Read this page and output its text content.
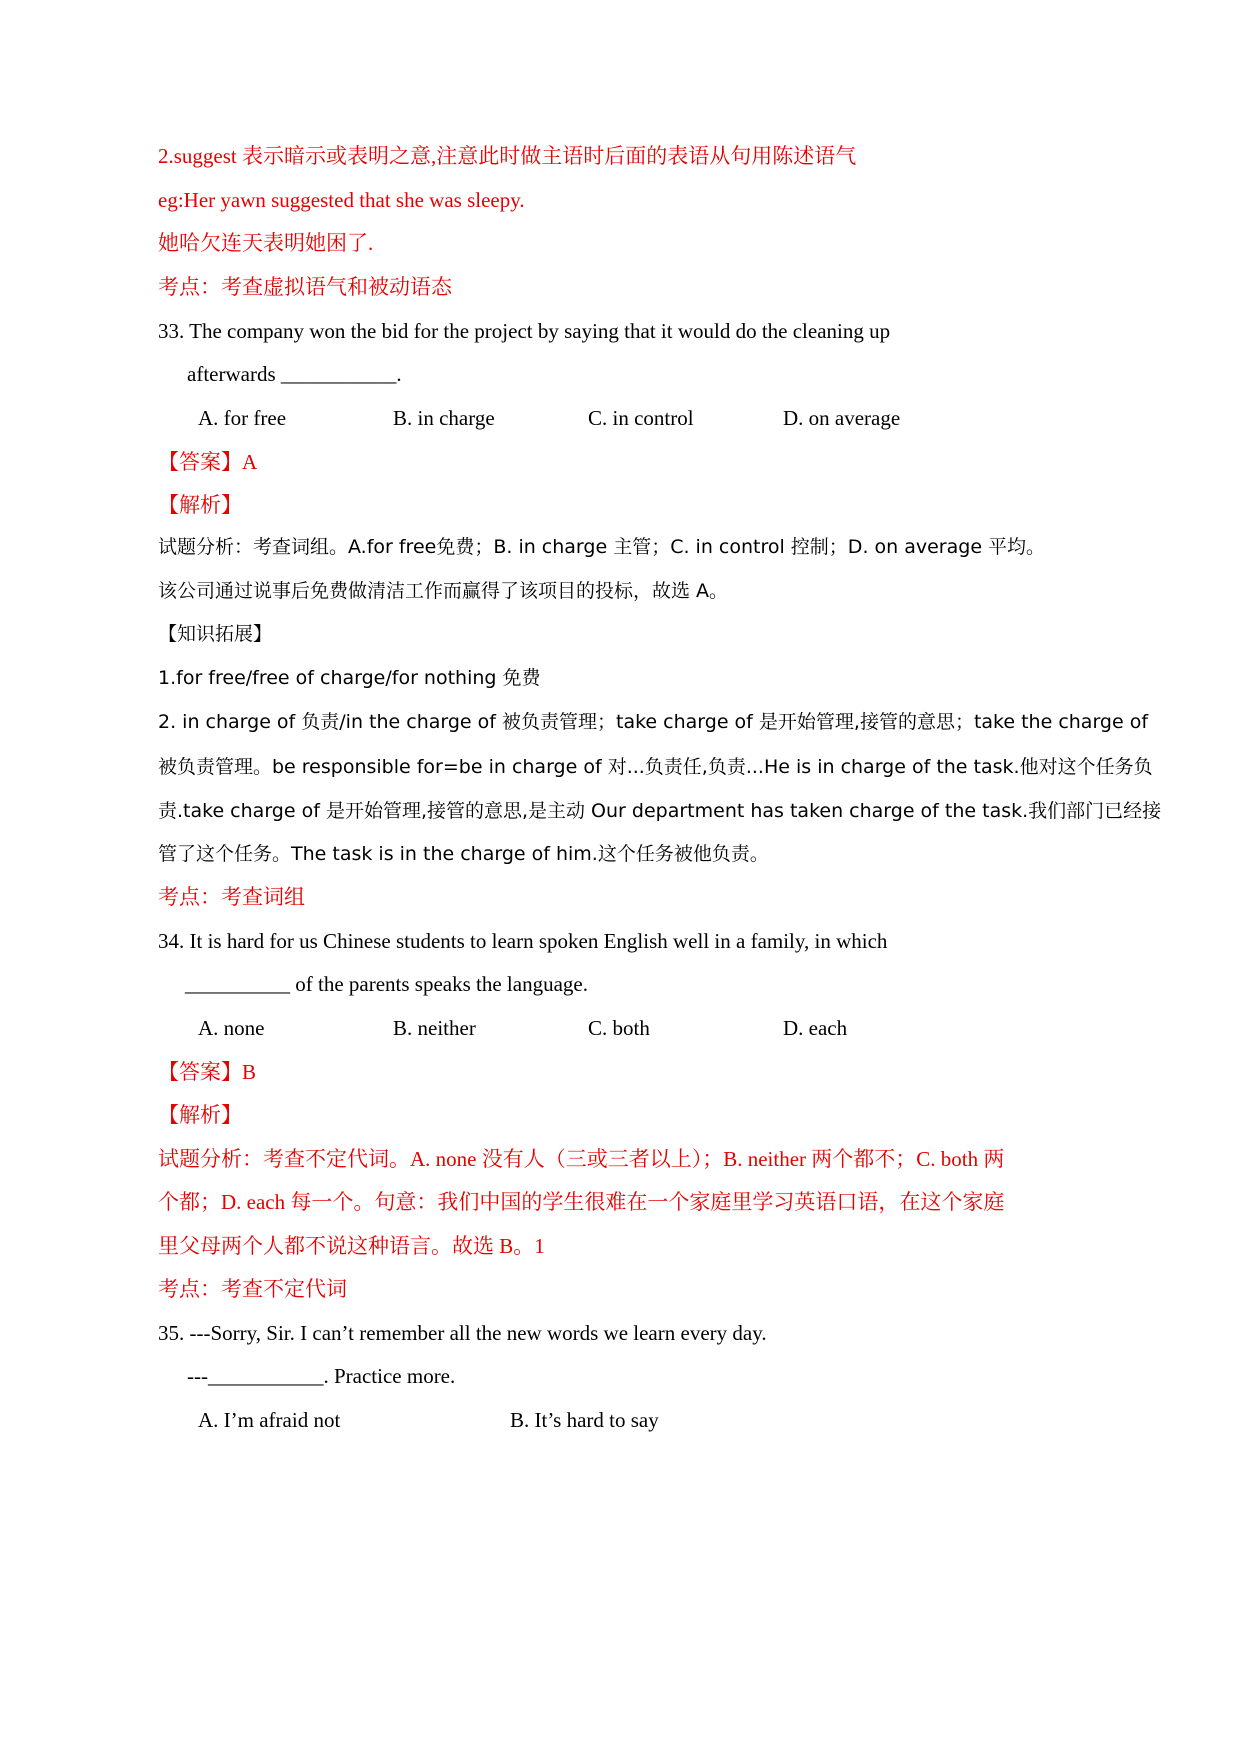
2.suggest 表示暗示或表明之意,注意此时做主语时后面的表语从句用陈述语气
eg:Her yawn suggested that she was sleepy.
她哈欠连天表明她困了.
考点：考查虚拟语气和被动语态
33. The company won the bid for the project by saying that it would do the cleaning up
afterwards ___________.
A. for free	B. in charge	C. in control	D. on average
【答案】A
【解析】
试题分析：考查词组。A.for free免费；B. in charge 主管；C. in control 控制；D. on average 平均。
该公司通过说事后免费做清洁工作而赢得了该项目的投标，故选 A。
【知识拓展】
1.for free/free of charge/for nothing 免费
2. in charge of 负责/in the charge of 被负责管理；take charge of 是开始管理,接管的意思；take the charge of
被负责管理。be responsible for=be in charge of 对...负责任,负责...He is in charge of the task.他对这个任务负
责.take charge of 是开始管理,接管的意思,是主动 Our department has taken charge of the task.我们部门已经接
管了这个任务。The task is in the charge of him.这个任务被他负责。
考点：考查词组
34. It is hard for us Chinese students to learn spoken English well in a family, in which
__________ of the parents speaks the language.
A. none	B. neither	C. both	D. each
【答案】B
【解析】
试题分析：考查不定代词。A. none 没有人（三或三者以上）；B. neither 两个都不；C. both 两
个都；D. each 每一个。句意：我们中国的学生很难在一个家庭里学习英语口语，在这个家庭
里父母两个人都不说这种语言。故选 B。1
考点：考查不定代词
35. ---Sorry, Sir. I can’t remember all the new words we learn every day.
---___________. Practice more.
A. I’m afraid not	B. It’s hard to say
